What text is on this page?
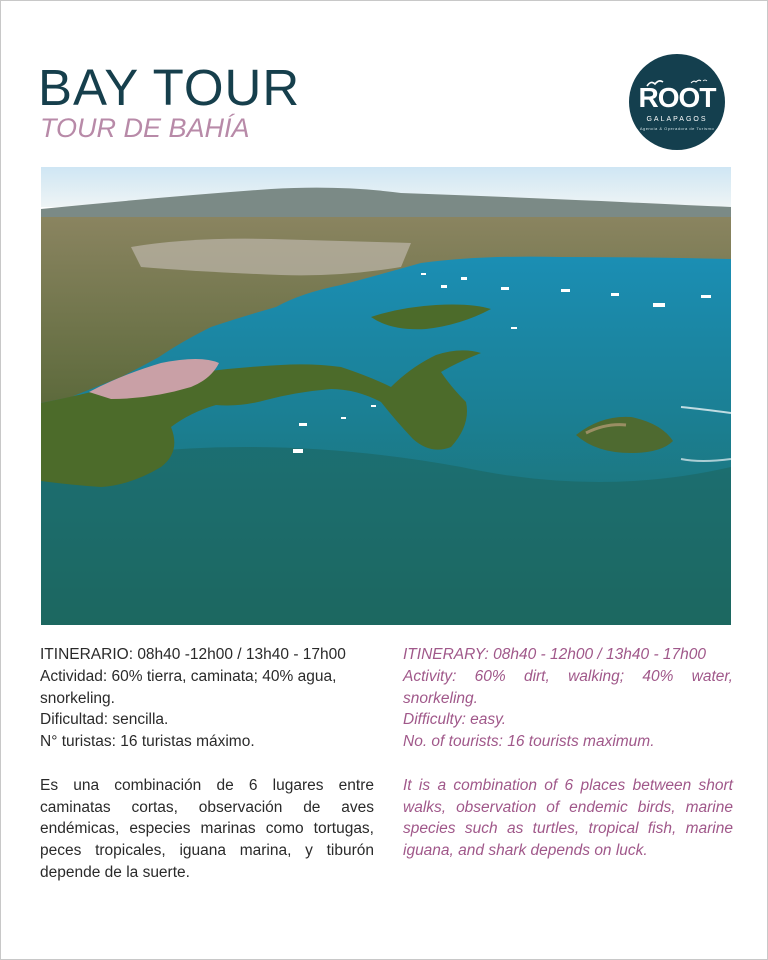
BAY TOUR
TOUR DE BAHÍA
ROOT
GALAPAGOS
Agencia & Operadora de Turismo

ITINERARIO: 08h40 -12h00 / 13h40 - 17h00

Actividad: 60% tierra, caminata; 40% agua, snorkeling.

Dificultad: sencilla.

N° turistas: 16 turistas máximo.

Es una combinación de 6 lugares entre caminatas cortas, observación de aves endémicas, especies marinas como tortugas, peces tropicales, iguana marina, y tiburón depende de la suerte.

ITINERARY: 08h40 - 12h00 / 13h40 - 17h00

Activity: 60% dirt, walking; 40% water, snorkeling.

Difficulty: easy.

No. of tourists: 16 tourists maximum.

It is a combination of 6 places between short walks, observation of endemic birds, marine species such as turtles, tropical fish, marine iguana, and shark depends on luck.
